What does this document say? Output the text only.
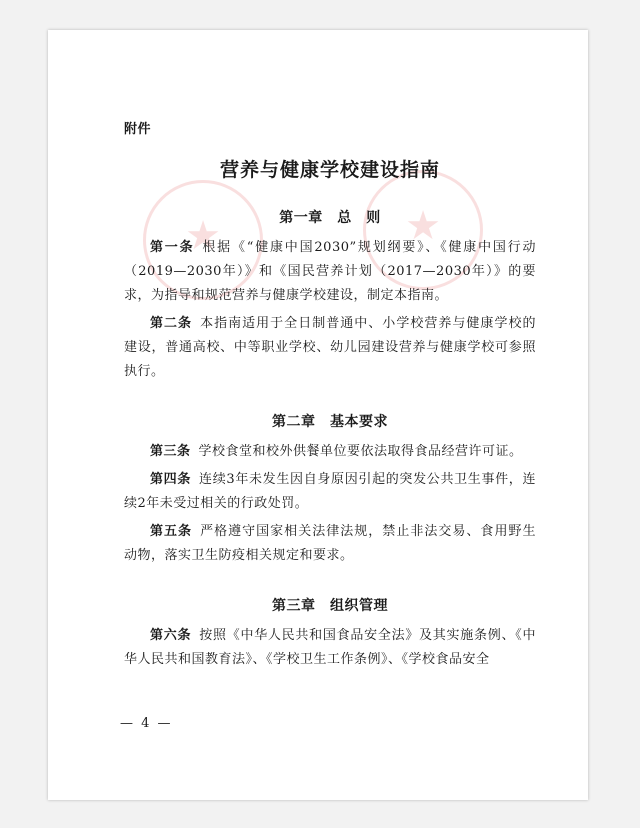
★	★
附件
营养与健康学校建设指南
第一章　总　则

第一条 根据《“健康中国2030”规划纲要》、《健康中国行动（2019—2030年）》和《国民营养计划（2017—2030年）》的要求，为指导和规范营养与健康学校建设，制定本指南。

第二条 本指南适用于全日制普通中、小学校营养与健康学校的建设，普通高校、中等职业学校、幼儿园建设营养与健康学校可参照执行。

第二章　基本要求

第三条 学校食堂和校外供餐单位要依法取得食品经营许可证。

第四条 连续3年未发生因自身原因引起的突发公共卫生事件，连续2年未受过相关的行政处罚。

第五条 严格遵守国家相关法律法规，禁止非法交易、食用野生动物，落实卫生防疫相关规定和要求。

第三章　组织管理

第六条 按照《中华人民共和国食品安全法》及其实施条例、《中华人民共和国教育法》、《学校卫生工作条例》、《学校食品安全

— 4 —
